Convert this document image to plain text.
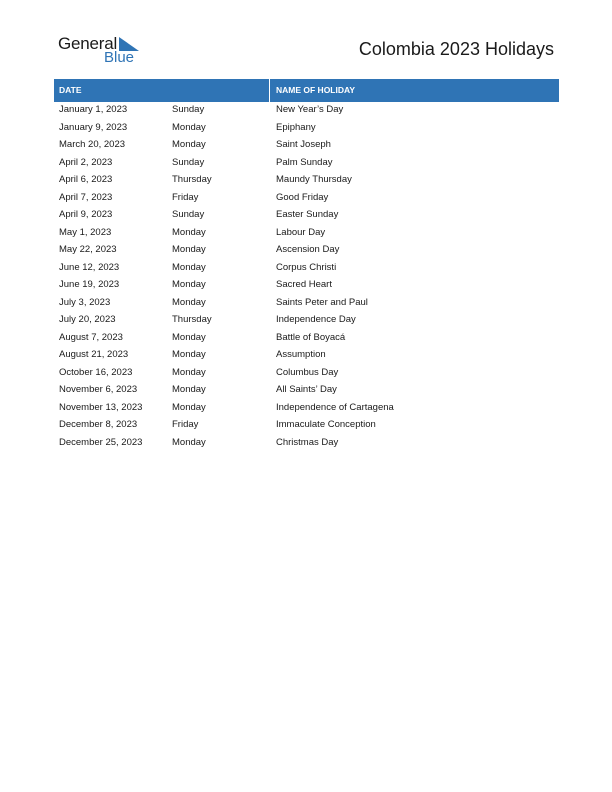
General
Blue	Colombia 2023 Holidays
DATE	NAME OF HOLIDAY
January 1, 2023	Sunday	New Year’s Day
January 9, 2023	Monday	Epiphany
March 20, 2023	Monday	Saint Joseph
April 2, 2023	Sunday	Palm Sunday
April 6, 2023	Thursday	Maundy Thursday
April 7, 2023	Friday	Good Friday
April 9, 2023	Sunday	Easter Sunday
May 1, 2023	Monday	Labour Day
May 22, 2023	Monday	Ascension Day
June 12, 2023	Monday	Corpus Christi
June 19, 2023	Monday	Sacred Heart
July 3, 2023	Monday	Saints Peter and Paul
July 20, 2023	Thursday	Independence Day
August 7, 2023	Monday	Battle of Boyacá
August 21, 2023	Monday	Assumption
October 16, 2023	Monday	Columbus Day
November 6, 2023	Monday	All Saints’ Day
November 13, 2023	Monday	Independence of Cartagena
December 8, 2023	Friday	Immaculate Conception
December 25, 2023	Monday	Christmas Day
